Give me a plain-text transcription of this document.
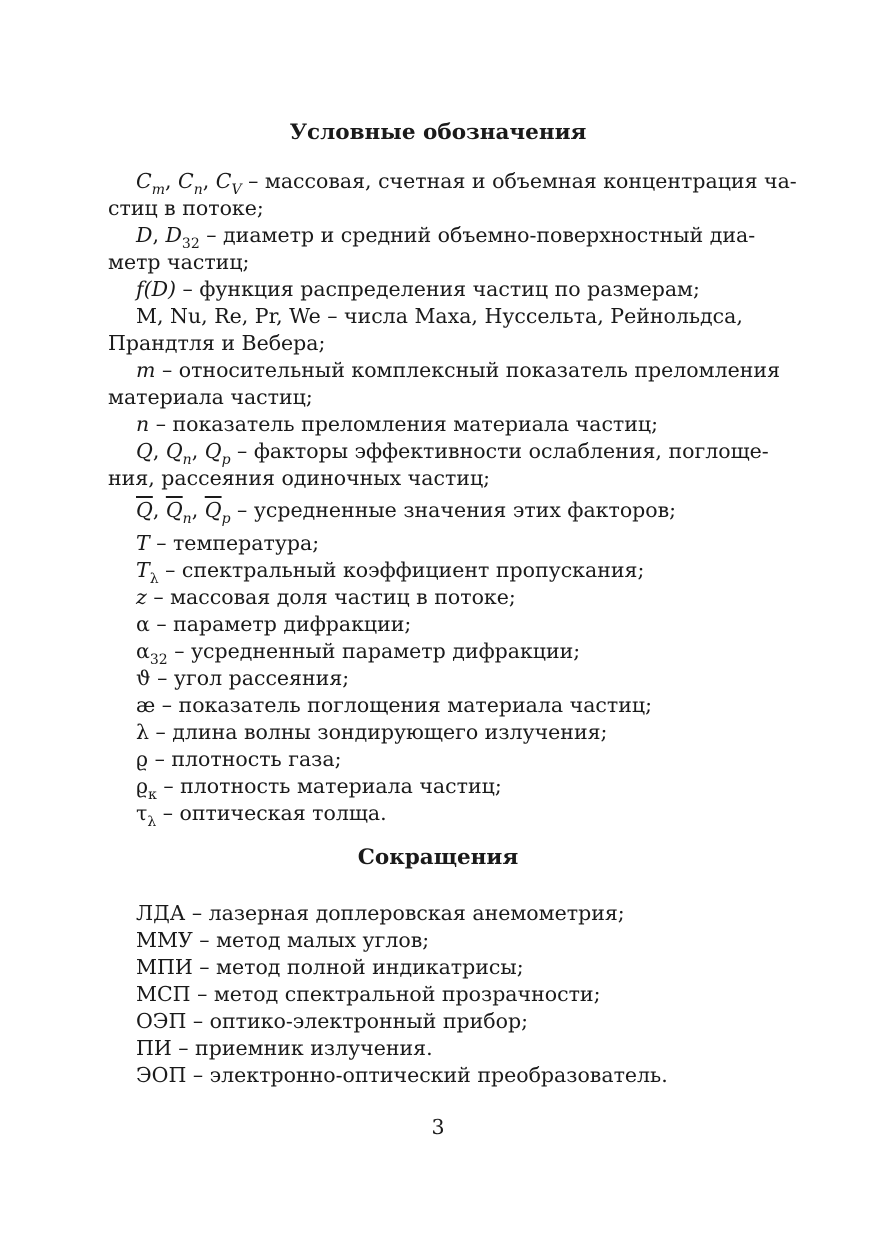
Условные обозначения
$C_m$, $C_n$, $C_V$ – массовая, счетная и объемная концентрация ча-
стиц в потоке;
D, $D_{32}$ – диаметр и средний объемно-поверхностный диа-
метр частиц;
f(D) – функция распределения частиц по размерам;
M, Nu, Re, Pr, We – числа Маха, Нуссельта, Рейнольдса,
Прандтля и Вебера;
m – относительный комплексный показатель преломления
материала частиц;
n – показатель преломления материала частиц;
Q, $Q_n$, $Q_p$ – факторы эффективности ослабления, поглоще-
ния, рассеяния одиночных частиц;
$\overline{Q}$, $\overline{Q}_n$, $\overline{Q}_p$ – усредненные значения этих факторов;
T – температура;
$T_\lambda$ – спектральный коэффициент пропускания;
z – массовая доля частиц в потоке;
α – параметр дифракции;
$\alpha_{32}$ – усредненный параметр дифракции;
ϑ – угол рассеяния;
æ – показатель поглощения материала частиц;
λ – длина волны зондирующего излучения;
ϱ – плотность газа;
$ϱ_к$ – плотность материала частиц;
$\tau_\lambda$ – оптическая толща.
Сокращения
ЛДА – лазерная доплеровская анемометрия;
ММУ – метод малых углов;
МПИ – метод полной индикатрисы;
МСП – метод спектральной прозрачности;
ОЭП – оптико-электронный прибор;
ПИ – приемник излучения.
ЭОП – электронно-оптический преобразователь.
3
